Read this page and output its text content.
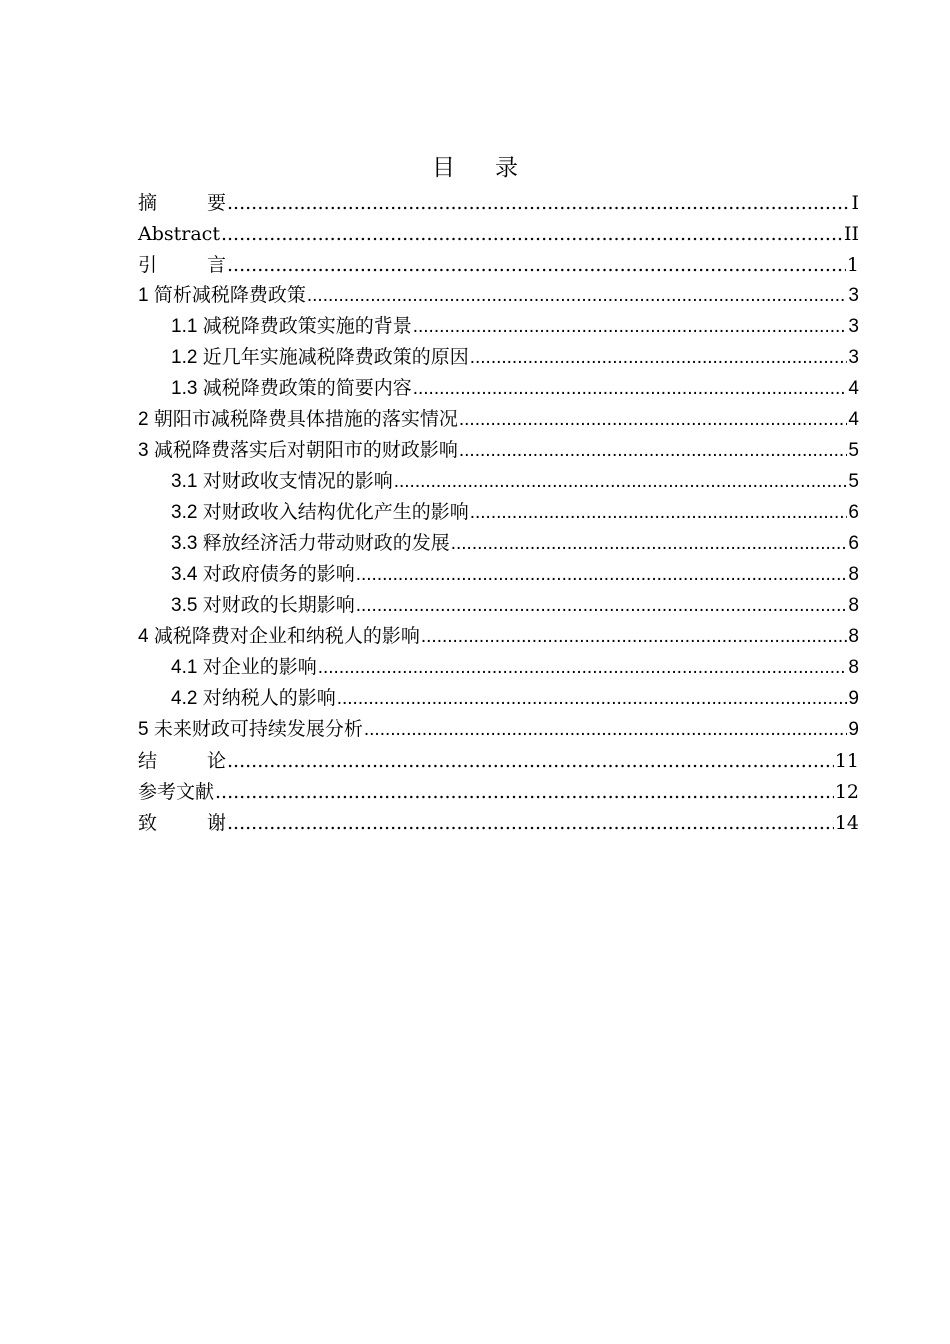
目录
摘要 .....	I
Abstract .....	II
引言 .....	1
1 简析减税降费政策 .....	3
1.1 减税降费政策实施的背景 .....	3
1.2 近几年实施减税降费政策的原因 .....	3
1.3 减税降费政策的简要内容 .....	4
2 朝阳市减税降费具体措施的落实情况 .....	4
3 减税降费落实后对朝阳市的财政影响 .....	5
3.1 对财政收支情况的影响 .....	5
3.2 对财政收入结构优化产生的影响 .....	6
3.3 释放经济活力带动财政的发展 .....	6
3.4 对政府债务的影响 .....	8
3.5 对财政的长期影响 .....	8
4 减税降费对企业和纳税人的影响 .....	8
4.1 对企业的影响 .....	8
4.2 对纳税人的影响 .....	9
5 未来财政可持续发展分析 .....	9
结论 .....	11
参考文献 .....	12
致谢 .....	14
